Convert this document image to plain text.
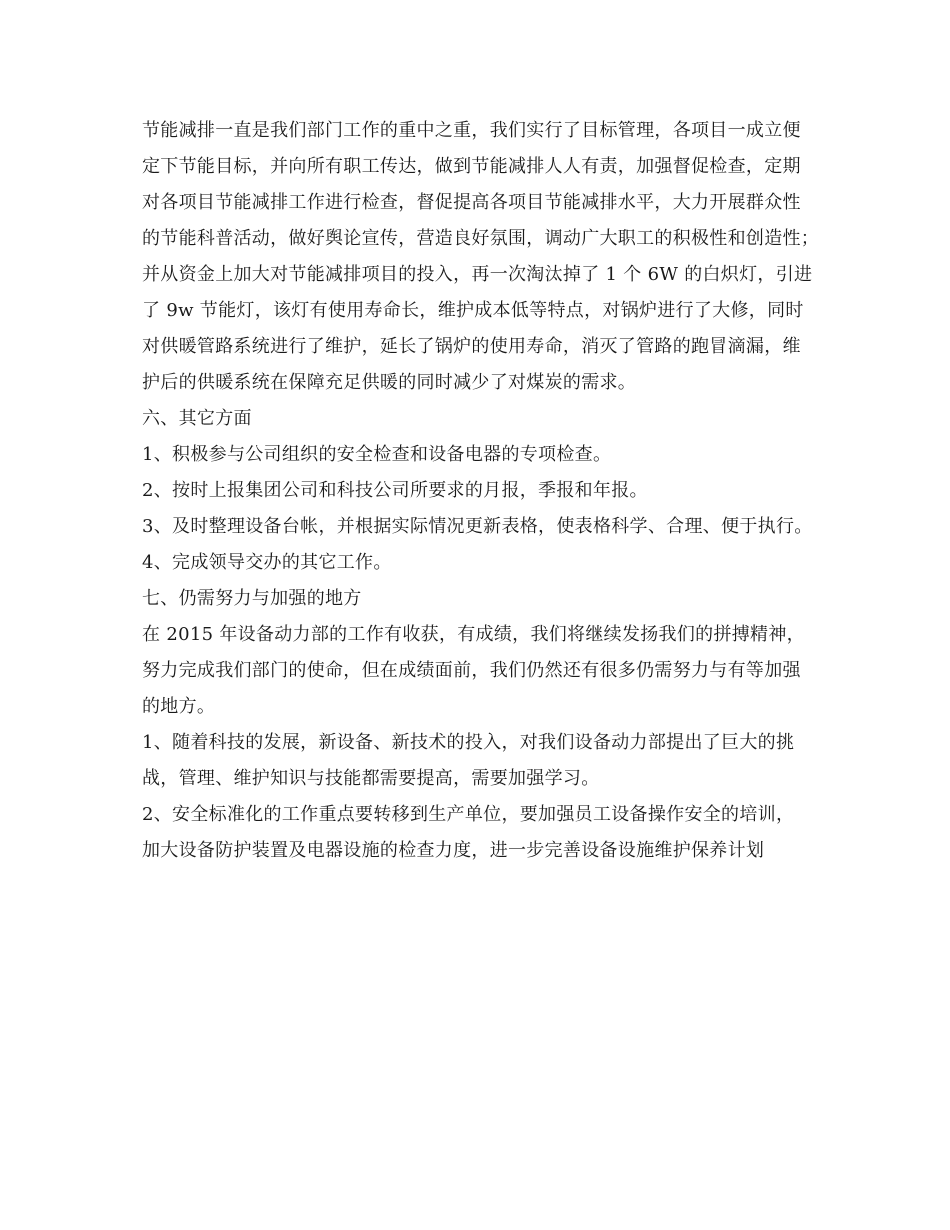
节能减排一直是我们部门工作的重中之重，我们实行了目标管理，各项目一成立便
定下节能目标，并向所有职工传达，做到节能减排人人有责，加强督促检查，定期
对各项目节能减排工作进行检查，督促提高各项目节能减排水平，大力开展群众性
的节能科普活动，做好舆论宣传，营造良好氛围，调动广大职工的积极性和创造性；
并从资金上加大对节能减排项目的投入，再一次淘汰掉了 1 个 6W 的白炽灯，引进
了 9w 节能灯，该灯有使用寿命长，维护成本低等特点，对锅炉进行了大修，同时
对供暖管路系统进行了维护，延长了锅炉的使用寿命，消灭了管路的跑冒滴漏，维
护后的供暖系统在保障充足供暖的同时减少了对煤炭的需求。
六、其它方面
1、积极参与公司组织的安全检查和设备电器的专项检查。
2、按时上报集团公司和科技公司所要求的月报，季报和年报。
3、及时整理设备台帐，并根据实际情况更新表格，使表格科学、合理、便于执行。
4、完成领导交办的其它工作。
七、仍需努力与加强的地方
在 2015 年设备动力部的工作有收获，有成绩，我们将继续发扬我们的拼搏精神，
努力完成我们部门的使命，但在成绩面前，我们仍然还有很多仍需努力与有等加强
的地方。
1、随着科技的发展，新设备、新技术的投入，对我们设备动力部提出了巨大的挑
战，管理、维护知识与技能都需要提高，需要加强学习。
2、安全标准化的工作重点要转移到生产单位，要加强员工设备操作安全的培训，
加大设备防护装置及电器设施的检查力度，进一步完善设备设施维护保养计划
